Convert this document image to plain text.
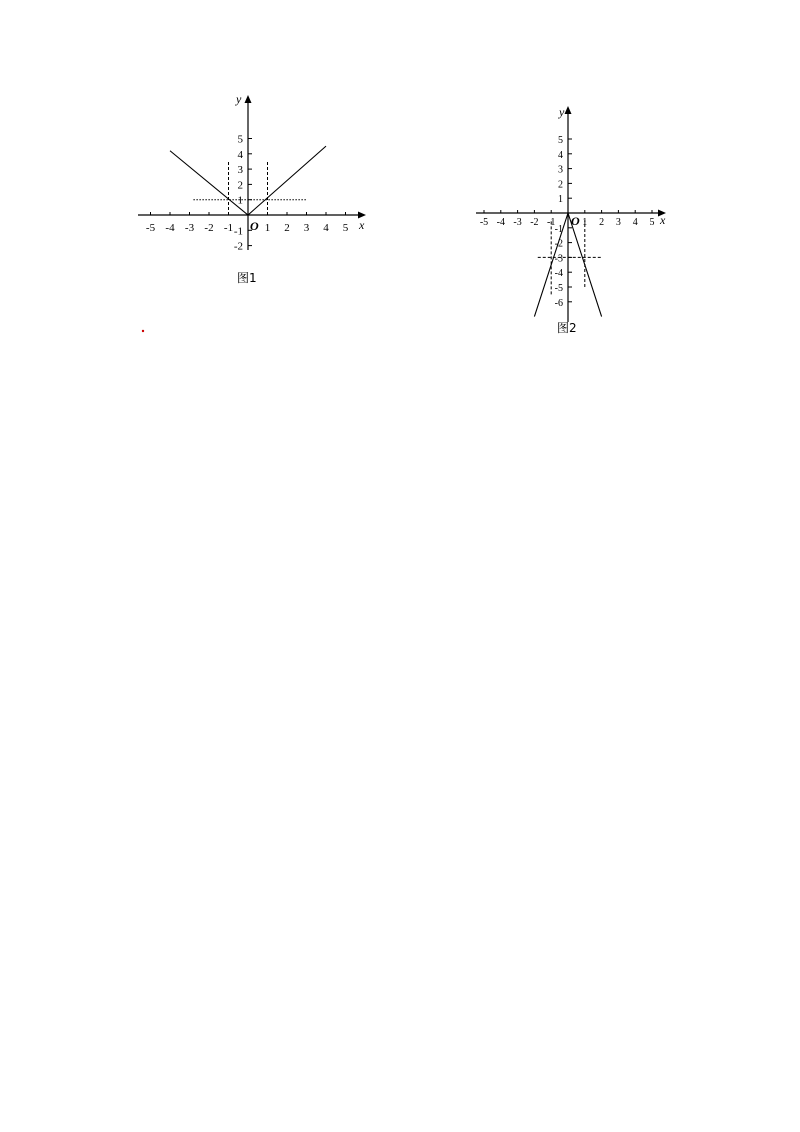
-5 -4 -3 -2 -1	1 2 3 4 5
5
4
3
2
1
-1
-2
x
y
O
图1
-5 -4 -3 -2 -1	1 2 3 4 5
5
4
3
2
1
-1
-2
-3
-4
-5
-6
x
y
O
图2
